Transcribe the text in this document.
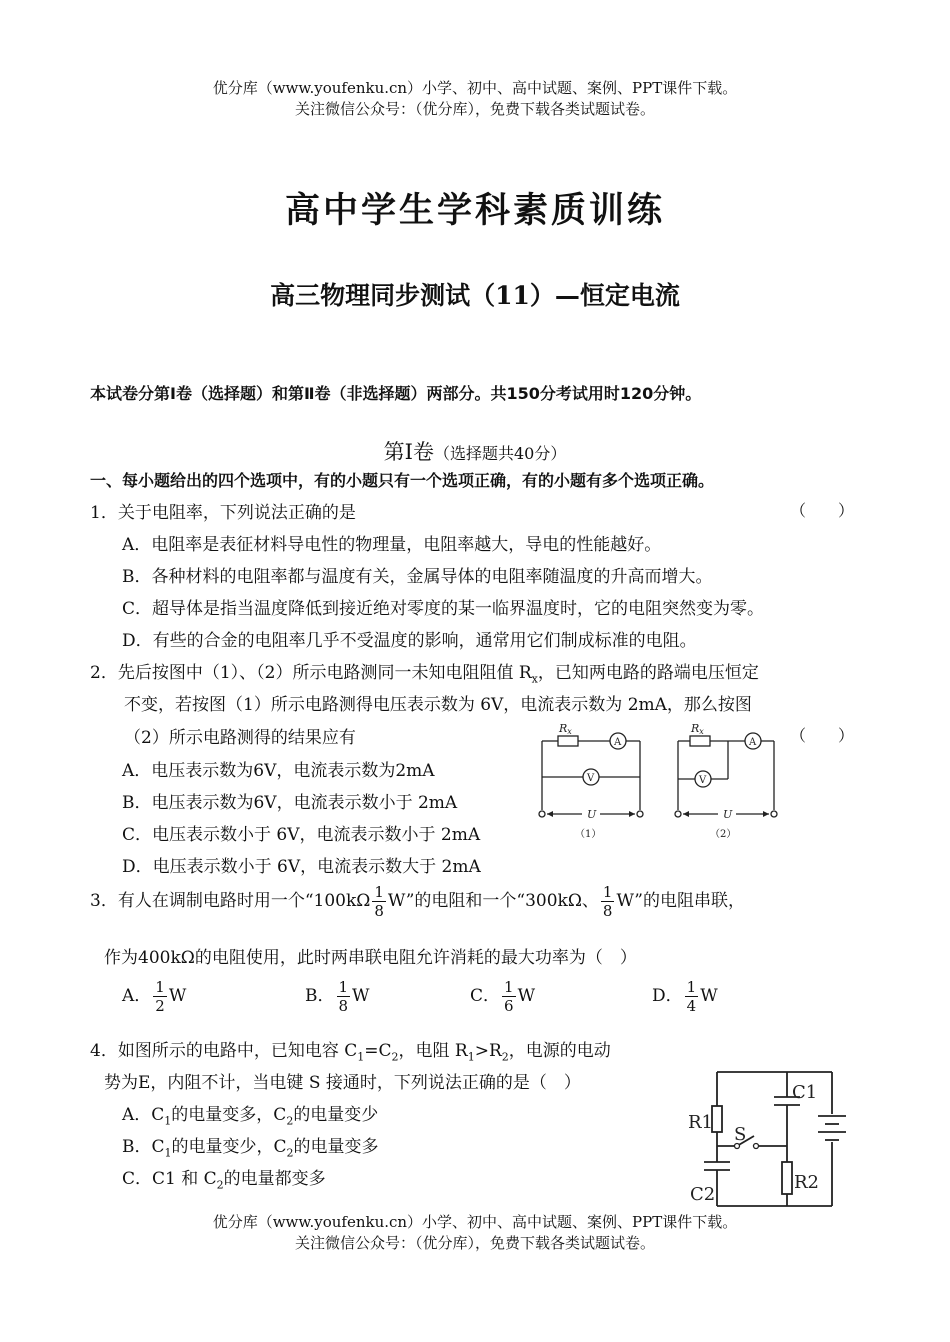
优分库（www.youfenku.cn）小学、初中、高中试题、案例、PPT课件下载。
关注微信公众号：（优分库），免费下载各类试题试卷。
高中学生学科素质训练
高三物理同步测试（11）—恒定电流
本试卷分第Ⅰ卷（选择题）和第Ⅱ卷（非选择题）两部分。共150分考试用时120分钟。
第Ⅰ卷（选择题共40分）
一、每小题给出的四个选项中，有的小题只有一个选项正确，有的小题有多个选项正确。
1．关于电阻率，下列说法正确的是	（　　）
A．电阻率是表征材料导电性的物理量，电阻率越大，导电的性能越好。
B．各种材料的电阻率都与温度有关，金属导体的电阻率随温度的升高而增大。
C．超导体是指当温度降低到接近绝对零度的某一临界温度时，它的电阻突然变为零。
D．有些的合金的电阻率几乎不受温度的影响，通常用它们制成标准的电阻。
2．先后按图中（1）、（2）所示电路测同一未知电阻阻值 $R_x$，已知两电路的路端电压恒定
不变，若按图（1）所示电路测得电压表示数为 6V，电流表示数为 2mA，那么按图
（2）所示电路测得的结果应有	（　　）
A．电压表示数为6V，电流表示数为2mA
B．电压表示数为6V，电流表示数小于 2mA
C．电压表示数小于 6V，电流表示数小于 2mA
D．电压表示数小于 6V，电流表示数大于 2mA
Rx
A
V
U
（1）
Rx
A
V
U
（2）
3．有人在调制电路时用一个“$100k\Omega \frac{1}{8} W$”的电阻和一个“300kΩ、 $\frac{1}{8} W$”的电阻串联，
作为400kΩ的电阻使用，此时两串联电阻允许消耗的最大功率为（　）
A． $\frac{1}{2}$ W	B． $\frac{1}{8}$ W	C． $\frac{1}{6}$ W	D． $\frac{1}{4}$ W
4．如图所示的电路中，已知电容 $C_1=C_2$，电阻 $R_1>R_2$，电源的电动
势为E，内阻不计，当电键 S 接通时，下列说法正确的是（　）
A．$C_1$的电量变多，$C_2$的电量变少
B．$C_1$的电量变少，$C_2$的电量变多
C．C1 和 $C_2$的电量都变多
C1
R1
S
R2
C2
优分库（www.youfenku.cn）小学、初中、高中试题、案例、PPT课件下载。
关注微信公众号：（优分库），免费下载各类试题试卷。
